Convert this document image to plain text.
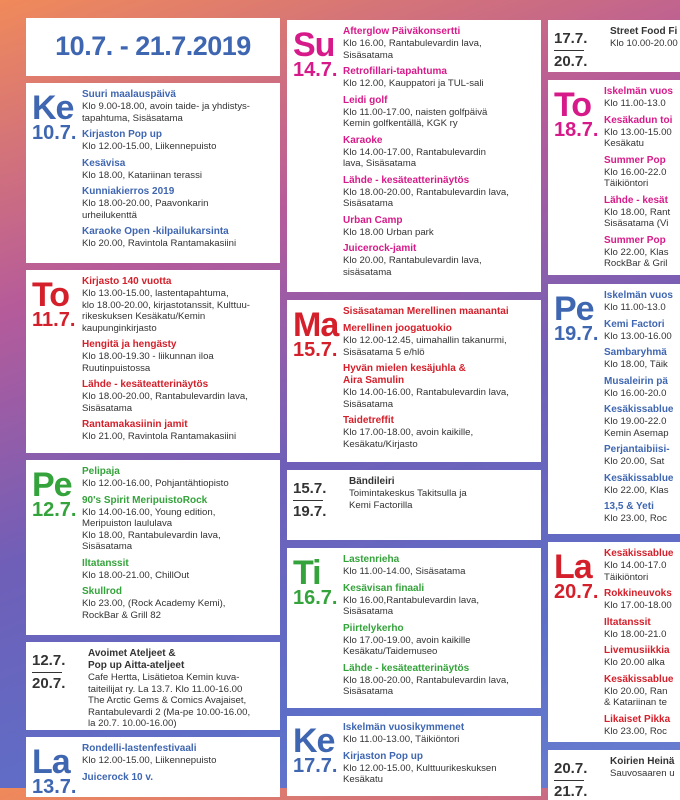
10.7. - 21.7.2019
Ke
10.7.
Suuri maalauspäivä
Klo 9.00-18.00, avoin taide- ja yhdistys-
tapahtuma, Sisäsatama
Kirjaston Pop up
Klo 12.00-15.00, Liikennepuisto
Kesävisa
Klo 18.00, Katariinan terassi
Kunniakierros 2019
Klo 18.00-20.00, Paavonkarin
urheilukenttä
Karaoke Open -kilpailukarsinta
Klo 20.00, Ravintola Rantamakasiini
To
11.7.
Kirjasto 140 vuotta
Klo 13.00-15.00, lastentapahtuma,
klo 18.00-20.00, kirjastotanssit, Kulttuu-
rikeskuksen Kesäkatu/Kemin
kaupunginkirjasto
Hengitä ja hengästy
Klo 18.00-19.30 - liikunnan iloa
Ruutinpuistossa
Lähde - kesäteatterinäytös
Klo 18.00-20.00, Rantabulevardin lava,
Sisäsatama
Rantamakasiinin jamit
Klo 21.00, Ravintola Rantamakasiini
Pe
12.7.
Pelipaja
Klo 12.00-16.00, Pohjantähtiopisto
90's Spirit MeripuistoRock
Klo 14.00-16.00, Young edition,
Meripuiston laululava
Klo 18.00, Rantabulevardin lava,
Sisäsatama
Iltatanssit
Klo 18.00-21.00, ChillOut
Skullrod
Klo 23.00, (Rock Academy Kemi),
RockBar & Grill 82
12.7.
20.7.
Avoimet Ateljeet &
Pop up Aitta-ateljeet
Cafe Hertta, Lisätietoa Kemin kuva-
taiteilijat ry. La 13.7. Klo 11.00-16.00
The Arctic Gems & Comics Avajaiset,
Rantabulevardi 2 (Ma-pe 10.00-16.00,
la 20.7. 10.00-16.00)
La
13.7.
Rondelli-lastenfestivaali
Klo 12.00-15.00, Liikennepuisto
Juicerock 10 v.
Su
14.7.
Afterglow Päiväkonsertti
Klo 16.00, Rantabulevardin lava,
Sisäsatama
Retrofillari-tapahtuma
Klo 12.00, Kauppatori ja TUL-sali
Leidi golf
Klo 11.00-17.00, naisten golfpäivä
Kemin golfkentällä, KGK ry
Karaoke
Klo 14.00-17.00, Rantabulevardin
lava, Sisäsatama
Lähde - kesäteatterinäytös
Klo 18.00-20.00, Rantabulevardin lava,
Sisäsatama
Urban Camp
Klo 18.00 Urban park
Juicerock-jamit
Klo 20.00, Rantabulevardin lava,
sisäsatama
Ma
15.7.
Sisäsataman Merellinen maanantai
Merellinen joogatuokio
Klo 12.00-12.45, uimahallin takanurmi,
Sisäsatama 5 e/hlö
Hyvän mielen kesäjuhla &
Aira Samulin
Klo 14.00-16.00, Rantabulevardin lava,
Sisäsatama
Taidetreffit
Klo 17.00-18.00, avoin kaikille,
Kesäkatu/Kirjasto
15.7.
19.7.
Bändileiri
Toimintakeskus Takitsulla ja
Kemi Factorilla
Ti
16.7.
Lastenrieha
Klo 11.00-14.00, Sisäsatama
Kesävisan finaali
Klo 16.00,Rantabulevardin lava,
Sisäsatama
Piirtelykerho
Klo 17.00-19.00, avoin kaikille
Kesäkatu/Taidemuseo
Lähde - kesäteatterinäytös
Klo 18.00-20.00, Rantabulevardin lava,
Sisäsatama
Ke
17.7.
Iskelmän vuosikymmenet
Klo 11.00-13.00, Täikiöntori
Kirjaston Pop up
Klo 12.00-15.00, Kulttuurikeskuksen
Kesäkatu
17.7.
20.7.
Street Food Fi
Klo 10.00-20.00
To
18.7.
Iskelmän vuos
Klo 11.00-13.0
Kesäkadun toi
Klo 13.00-15.00
Kesäkatu
Summer Pop
Klo 16.00-22.0
Täikiöntori
Lähde - kesät
Klo 18.00, Rant
Sisäsatama (Vi
Summer Pop
Klo 22.00, Klas
RockBar & Gril
Pe
19.7.
Iskelmän vuos
Klo 11.00-13.0
Kemi Factori
Klo 13.00-16.00
Sambaryhmä
Klo 18.00, Täik
Musaleirin pä
Klo 16.00-20.0
Kesäkissablue
Klo 19.00-22.0
Kemin Asemap
Perjantaibiisi-
Klo 20.00, Sat
Kesäkissablue
Klo 22.00, Klas
13,5 & Yeti
Klo 23.00, Roc
La
20.7.
Kesäkissablue
Klo 14.00-17.0
Täikiöntori
Rokkineuvoks
Klo 17.00-18.00
Iltatanssit
Klo 18.00-21.0
Livemusiikkia
Klo 20.00 alka
Kesäkissablue
Klo 20.00, Ran
& Katariinan te
Likaiset Pikka
Klo 23.00, Roc
20.7.
21.7.
Koirien Heinä
Sauvosaaren u
